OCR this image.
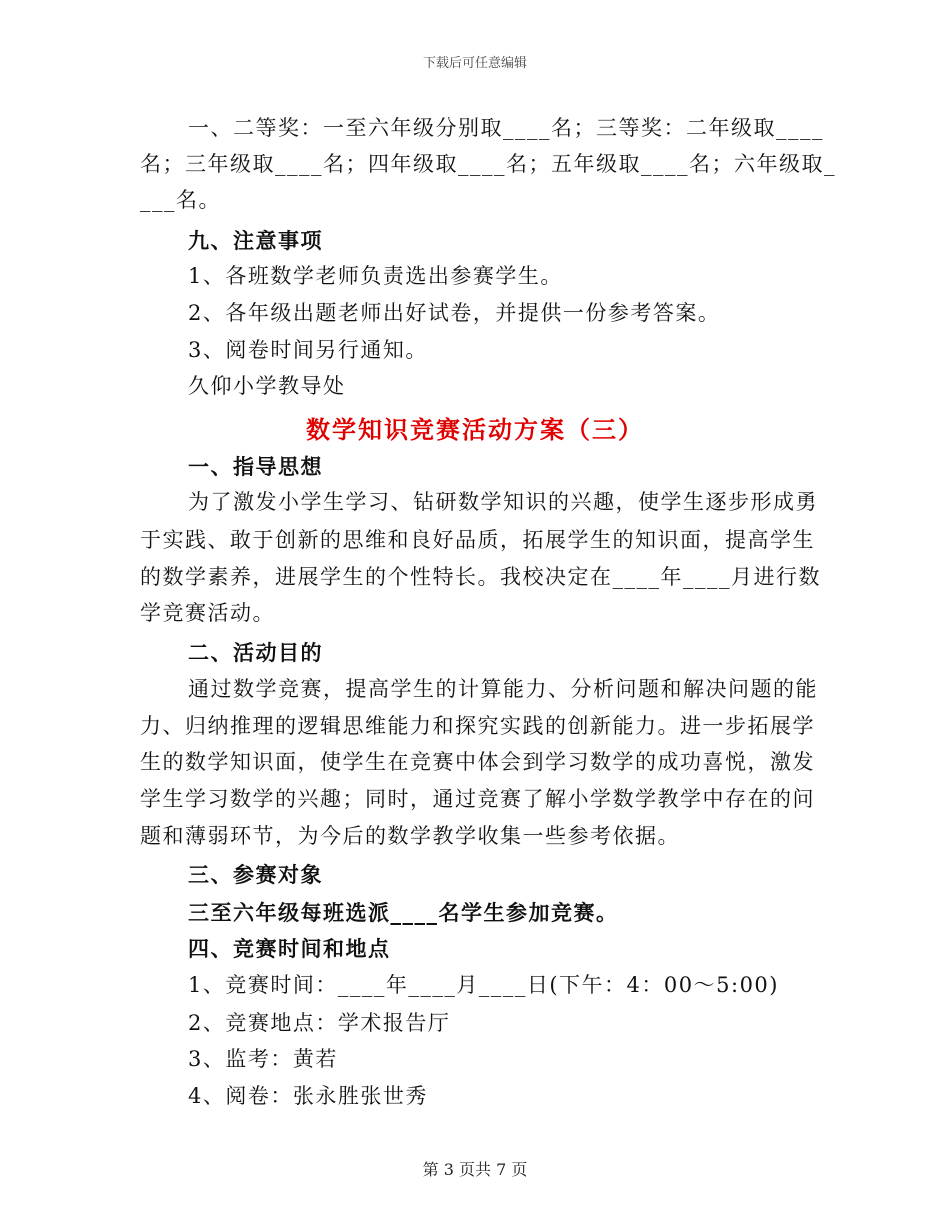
下载后可任意编辑
一、二等奖：一至六年级分别取____名；三等奖：二年级取____
名；三年级取____名；四年级取____名；五年级取____名；六年级取_
___名。
九、注意事项
1、各班数学老师负责选出参赛学生。
2、各年级出题老师出好试卷，并提供一份参考答案。
3、阅卷时间另行通知。
久仰小学教导处
数学知识竞赛活动方案（三）
一、指导思想
为了激发小学生学习、钻研数学知识的兴趣，使学生逐步形成勇
于实践、敢于创新的思维和良好品质，拓展学生的知识面，提高学生
的数学素养，进展学生的个性特长。我校决定在____年____月进行数
学竞赛活动。
二、活动目的
通过数学竞赛，提高学生的计算能力、分析问题和解决问题的能
力、归纳推理的逻辑思维能力和探究实践的创新能力。进一步拓展学
生的数学知识面，使学生在竞赛中体会到学习数学的成功喜悦，激发
学生学习数学的兴趣；同时，通过竞赛了解小学数学教学中存在的问
题和薄弱环节，为今后的数学教学收集一些参考依据。
三、参赛对象
三至六年级每班选派____名学生参加竞赛。
四、竞赛时间和地点
1、竞赛时间：____年____月____日(下午：4：00～5:00)
2、竞赛地点：学术报告厅
3、监考：黄若
4、阅卷：张永胜张世秀
第 3 页共 7 页
